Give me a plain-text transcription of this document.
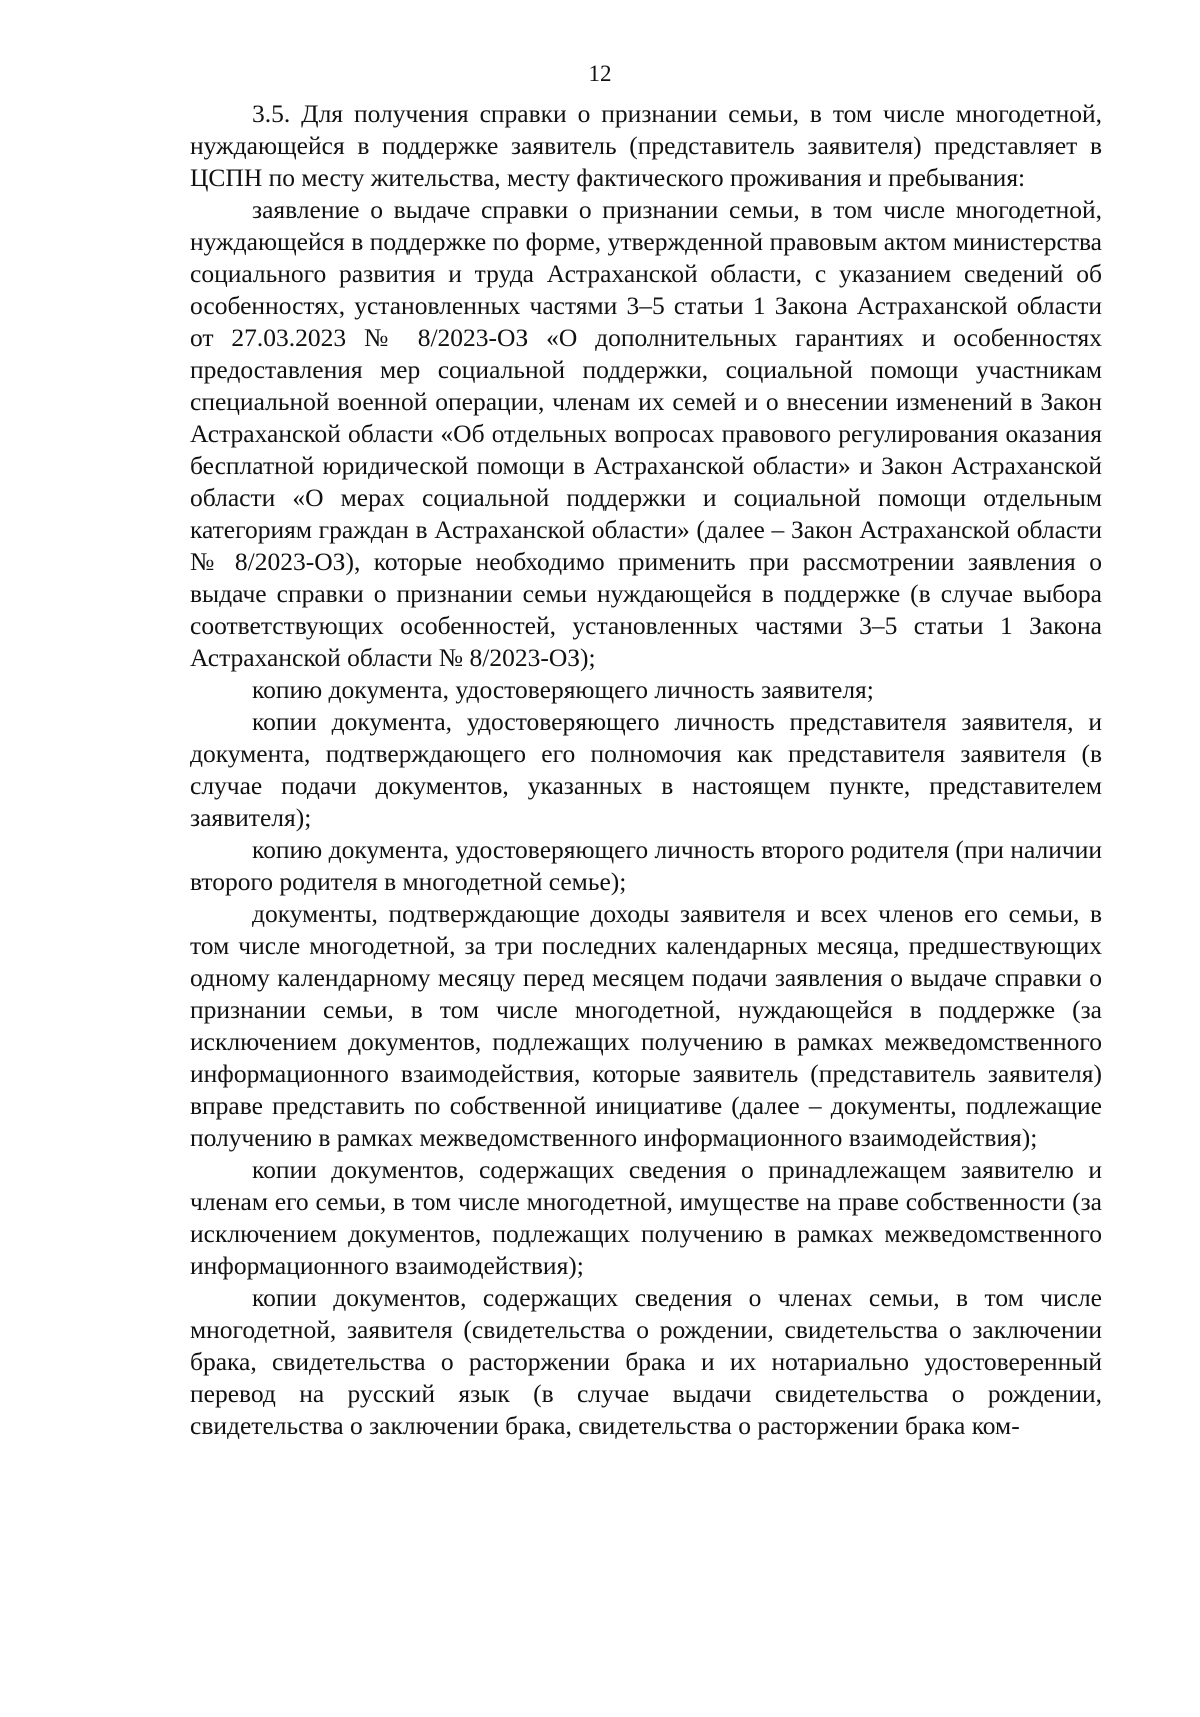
12

3.5. Для получения справки о признании семьи, в том числе многодетной, нуждающейся в поддержке заявитель (представитель заявителя) представляет в ЦСПН по месту жительства, месту фактического проживания и пребывания:

заявление о выдаче справки о признании семьи, в том числе многодетной, нуждающейся в поддержке по форме, утвержденной правовым актом министерства социального развития и труда Астраханской области, с указанием сведений об особенностях, установленных частями 3–5 статьи 1 Закона Астраханской области от 27.03.2023 № 8/2023-ОЗ «О дополнительных гарантиях и особенностях предоставления мер социальной поддержки, социальной помощи участникам специальной военной операции, членам их семей и о внесении изменений в Закон Астраханской области «Об отдельных вопросах правового регулирования оказания бесплатной юридической помощи в Астраханской области» и Закон Астраханской области «О мерах социальной поддержки и социальной помощи отдельным категориям граждан в Астраханской области» (далее – Закон Астраханской области № 8/2023-ОЗ), которые необходимо применить при рассмотрении заявления о выдаче справки о признании семьи нуждающейся в поддержке (в случае выбора соответствующих особенностей, установленных частями 3–5 статьи 1 Закона Астраханской области № 8/2023-ОЗ);

копию документа, удостоверяющего личность заявителя;

копии документа, удостоверяющего личность представителя заявителя, и документа, подтверждающего его полномочия как представителя заявителя (в случае подачи документов, указанных в настоящем пункте, представителем заявителя);

копию документа, удостоверяющего личность второго родителя (при наличии второго родителя в многодетной семье);

документы, подтверждающие доходы заявителя и всех членов его семьи, в том числе многодетной, за три последних календарных месяца, предшествующих одному календарному месяцу перед месяцем подачи заявления о выдаче справки о признании семьи, в том числе многодетной, нуждающейся в поддержке (за исключением документов, подлежащих получению в рамках межведомственного информационного взаимодействия, которые заявитель (представитель заявителя) вправе представить по собственной инициативе (далее – документы, подлежащие получению в рамках межведомственного информационного взаимодействия);

копии документов, содержащих сведения о принадлежащем заявителю и членам его семьи, в том числе многодетной, имуществе на праве собственности (за исключением документов, подлежащих получению в рамках межведомственного информационного взаимодействия);

копии документов, содержащих сведения о членах семьи, в том числе многодетной, заявителя (свидетельства о рождении, свидетельства о заключении брака, свидетельства о расторжении брака и их нотариально удостоверенный перевод на русский язык (в случае выдачи свидетельства о рождении, свидетельства о заключении брака, свидетельства о расторжении брака ком-
